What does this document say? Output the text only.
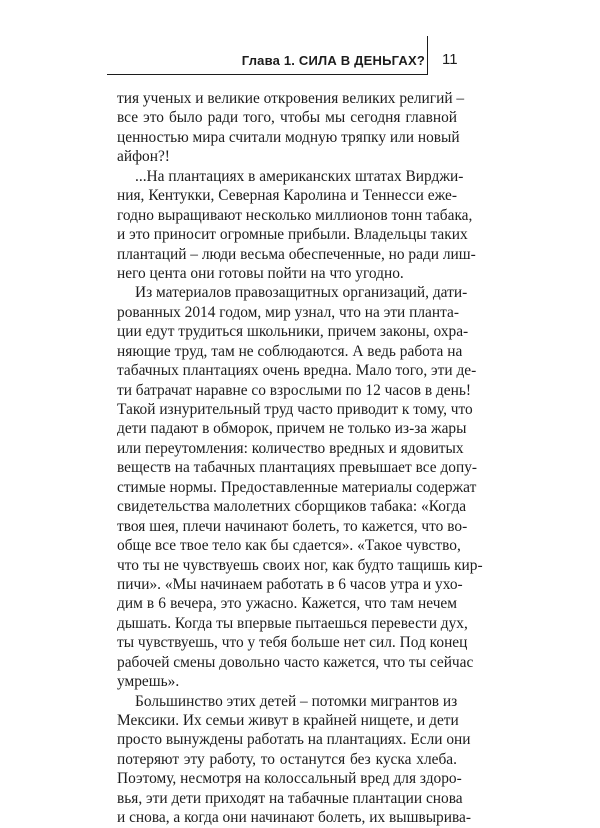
Глава 1. СИЛА В ДЕНЬГАХ? 11
тия ученых и великие откровения великих религий –
все это было ради того, чтобы мы сегодня главной
ценностью мира считали модную тряпку или новый
айфон?!
...На плантациях в американских штатах Вирджи-
ния, Кентукки, Северная Каролина и Теннесси еже-
годно выращивают несколько миллионов тонн табака,
и это приносит огромные прибыли. Владельцы таких
плантаций – люди весьма обеспеченные, но ради лиш-
него цента они готовы пойти на что угодно.
Из материалов правозащитных организаций, дати-
рованных 2014 годом, мир узнал, что на эти планта-
ции едут трудиться школьники, причем законы, охра-
няющие труд, там не соблюдаются. А ведь работа на
табачных плантациях очень вредна. Мало того, эти де-
ти батрачат наравне со взрослыми по 12 часов в день!
Такой изнурительный труд часто приводит к тому, что
дети падают в обморок, причем не только из-за жары
или переутомления: количество вредных и ядовитых
веществ на табачных плантациях превышает все допу-
стимые нормы. Предоставленные материалы содержат
свидетельства малолетних сборщиков табака: «Когда
твоя шея, плечи начинают болеть, то кажется, что во-
обще все твое тело как бы сдается». «Такое чувство,
что ты не чувствуешь своих ног, как будто тащишь кир-
пичи». «Мы начинаем работать в 6 часов утра и ухо-
дим в 6 вечера, это ужасно. Кажется, что там нечем
дышать. Когда ты впервые пытаешься перевести дух,
ты чувствуешь, что у тебя больше нет сил. Под конец
рабочей смены довольно часто кажется, что ты сейчас
умрешь».
Большинство этих детей – потомки мигрантов из
Мексики. Их семьи живут в крайней нищете, и дети
просто вынуждены работать на плантациях. Если они
потеряют эту работу, то останутся без куска хлеба.
Поэтому, несмотря на колоссальный вред для здоро-
вья, эти дети приходят на табачные плантации снова
и снова, а когда они начинают болеть, их вышвырива-
